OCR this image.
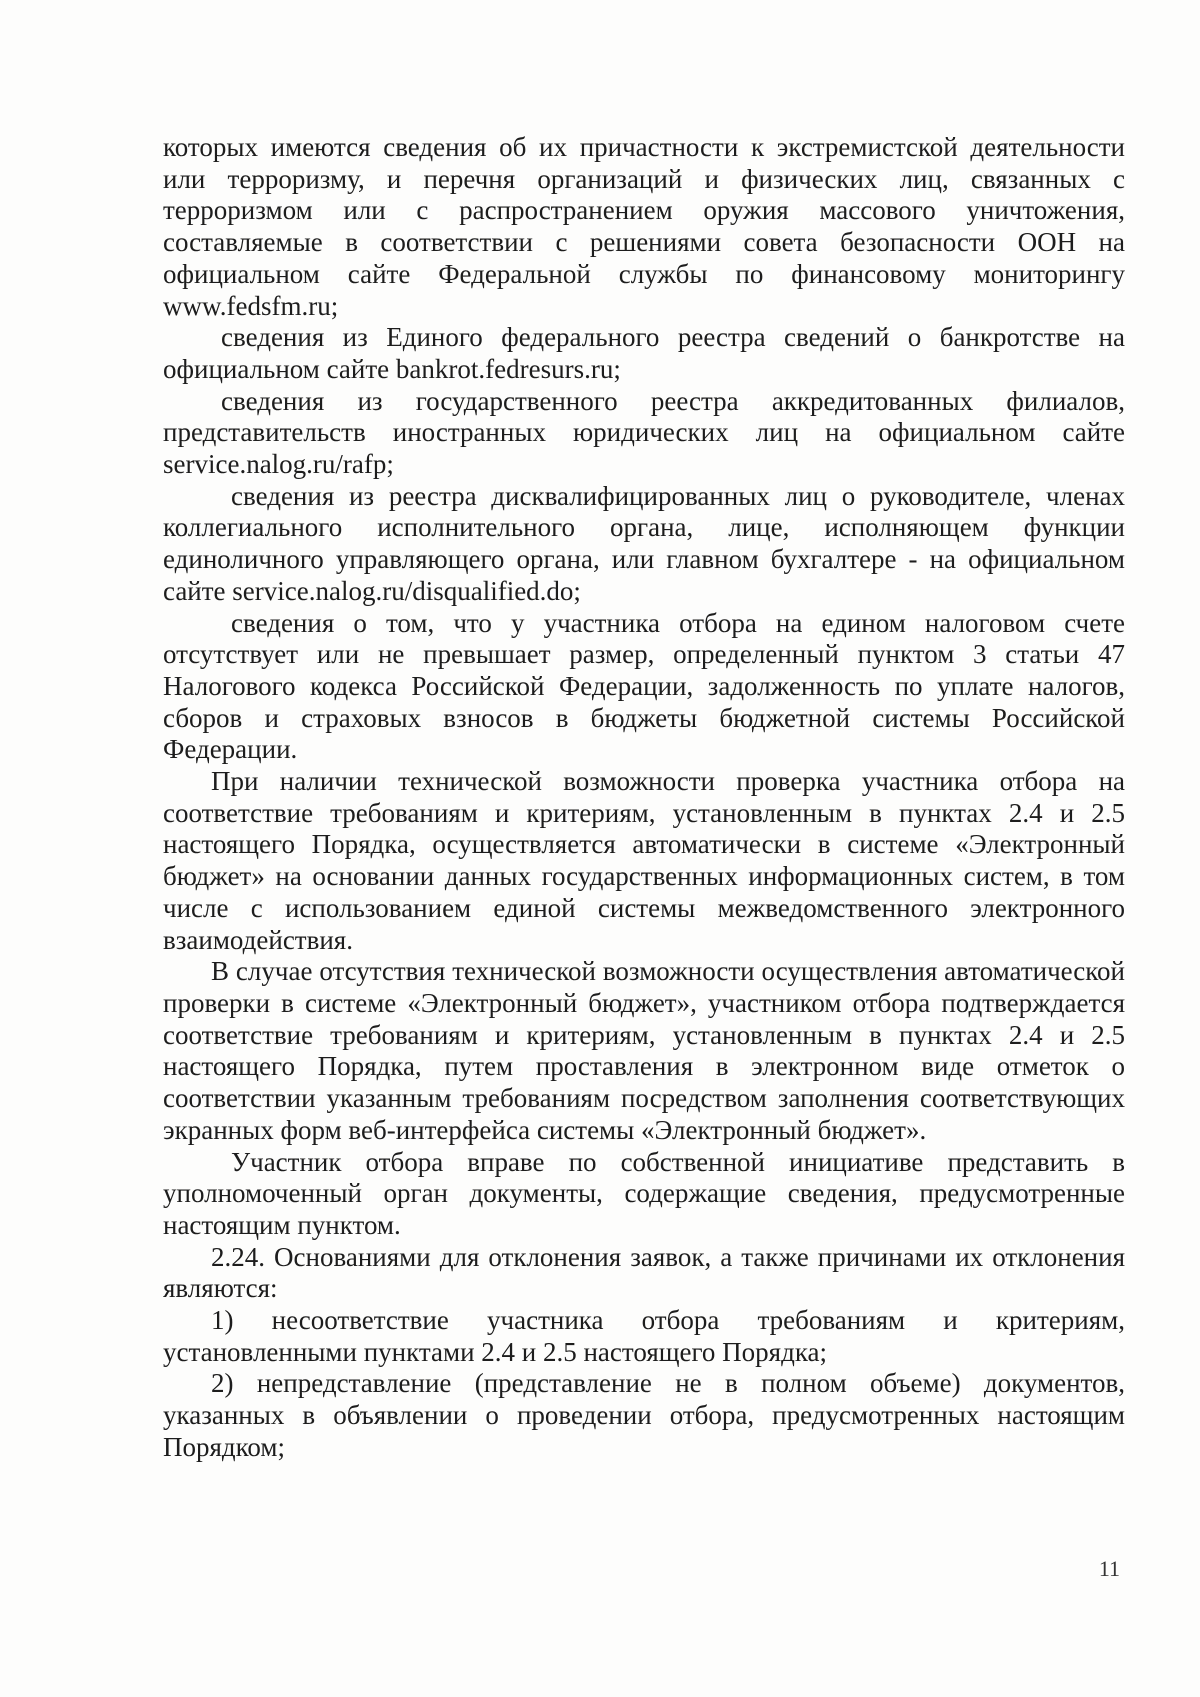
которых имеются сведения об их причастности к экстремистской деятельности или терроризму, и перечня организаций и физических лиц, связанных с терроризмом или с распространением оружия массового уничтожения, составляемые в соответствии с решениями совета безопасности ООН на официальном сайте Федеральной службы по финансовому мониторингу www.fedsfm.ru;

сведения из Единого федерального реестра сведений о банкротстве на официальном сайте bankrot.fedresurs.ru;

сведения из государственного реестра аккредитованных филиалов, представительств иностранных юридических лиц на официальном сайте service.nalog.ru/rafp;

сведения из реестра дисквалифицированных лиц о руководителе, членах коллегиального исполнительного органа, лице, исполняющем функции единоличного управляющего органа, или главном бухгалтере - на официальном сайте service.nalog.ru/disqualified.do;

сведения о том, что у участника отбора на едином налоговом счете отсутствует или не превышает размер, определенный пунктом 3 статьи 47 Налогового кодекса Российской Федерации, задолженность по уплате налогов, сборов и страховых взносов в бюджеты бюджетной системы Российской Федерации.

При наличии технической возможности проверка участника отбора на соответствие требованиям и критериям, установленным в пунктах 2.4 и 2.5 настоящего Порядка, осуществляется автоматически в системе «Электронный бюджет» на основании данных государственных информационных систем, в том числе с использованием единой системы межведомственного электронного взаимодействия.

В случае отсутствия технической возможности осуществления автоматической проверки в системе «Электронный бюджет», участником отбора подтверждается соответствие требованиям и критериям, установленным в пунктах 2.4 и 2.5 настоящего Порядка, путем проставления в электронном виде отметок о соответствии указанным требованиям посредством заполнения соответствующих экранных форм веб-интерфейса системы «Электронный бюджет».

Участник отбора вправе по собственной инициативе представить в уполномоченный орган документы, содержащие сведения, предусмотренные настоящим пунктом.

2.24. Основаниями для отклонения заявок, а также причинами их отклонения являются:

1) несоответствие участника отбора требованиям и критериям, установленными пунктами 2.4 и 2.5 настоящего Порядка;

2) непредставление (представление не в полном объеме) документов, указанных в объявлении о проведении отбора, предусмотренных настоящим Порядком;

11
